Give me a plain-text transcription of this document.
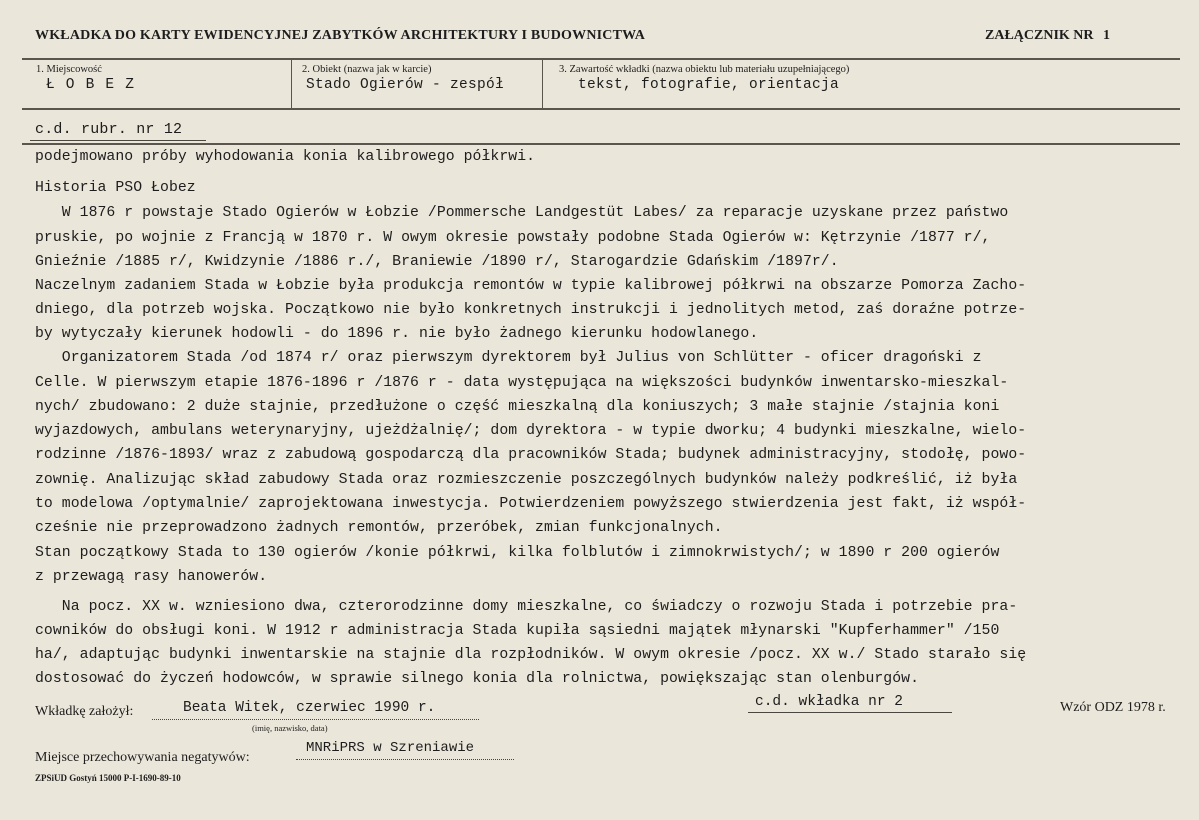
WKŁADKA DO KARTY EWIDENCYJNEJ ZABYTKÓW ARCHITEKTURY I BUDOWNICTWA	ZAŁĄCZNIK NR 1
1. Miejscowość
Ł O B E Z
2. Obiekt (nazwa jak w karcie)
Stado Ogierów - zespół
3. Zawartość wkładki (nazwa obiektu lub materiału uzupełniającego)
tekst, fotografie, orientacja
c.d. rubr. nr 12
podejmowano próby wyhodowania konia kalibrowego półkrwi.
Historia PSO Łobez
W 1876 r powstaje Stado Ogierów w Łobzie /Pommersche Landgestüt Labes/ za reparacje uzyskane przez państwo
pruskie, po wojnie z Francją w 1870 r. W owym okresie powstały podobne Stada Ogierów w: Kętrzynie /1877 r/,
Gnieźnie /1885 r/, Kwidzynie /1886 r./, Braniewie /1890 r/, Starogardzie Gdańskim /1897r/.
Naczelnym zadaniem Stada w Łobzie była produkcja remontów w typie kalibrowej półkrwi na obszarze Pomorza Zacho-
dniego, dla potrzeb wojska. Początkowo nie było konkretnych instrukcji i jednolitych metod, zaś doraźne potrze-
by wytyczały kierunek hodowli - do 1896 r. nie było żadnego kierunku hodowlanego.
Organizatorem Stada /od 1874 r/ oraz pierwszym dyrektorem był Julius von Schlütter - oficer dragoński z
Celle. W pierwszym etapie 1876-1896 r /1876 r - data występująca na większości budynków inwentarsko-mieszkal-
nych/ zbudowano: 2 duże stajnie, przedłużone o część mieszkalną dla koniuszych; 3 małe stajnie /stajnia koni
wyjazdowych, ambulans weterynaryjny, ujeżdżalnię/; dom dyrektora - w typie dworku; 4 budynki mieszkalne, wielo-
rodzinne /1876-1893/ wraz z zabudową gospodarczą dla pracowników Stada; budynek administracyjny, stodołę, powo-
zownię. Analizując skład zabudowy Stada oraz rozmieszczenie poszczególnych budynków należy podkreślić, iż była
to modelowa /optymalnie/ zaprojektowana inwestycja. Potwierdzeniem powyższego stwierdzenia jest fakt, iż współ-
cześnie nie przeprowadzono żadnych remontów, przeróbek, zmian funkcjonalnych.
Stan początkowy Stada to 130 ogierów /konie półkrwi, kilka folblutów i zimnokrwistych/; w 1890 r 200 ogierów
z przewagą rasy hanowerów.
Na pocz. XX w. wzniesiono dwa, czterorodzinne domy mieszkalne, co świadczy o rozwoju Stada i potrzebie pra-
cowników do obsługi koni. W 1912 r administracja Stada kupiła sąsiedni majątek młynarski "Kupferhammer" /150
ha/, adaptując budynki inwentarskie na stajnie dla rozpłodników. W owym okresie /pocz. XX w./ Stado starało się
dostosować do życzeń hodowców, w sprawie silnego konia dla rolnictwa, powiększając stan olenburgów.
Wkładkę założył:	Beata Witek, czerwiec 1990 r.
(imię, nazwisko, data)
c.d. wkładka nr 2	Wzór ODZ 1978 r.
Miejsce przechowywania negatywów:
MNRiPRS w Szreniawie
ZPSiUD Gostyń 15000 P-I-1690-89-10
